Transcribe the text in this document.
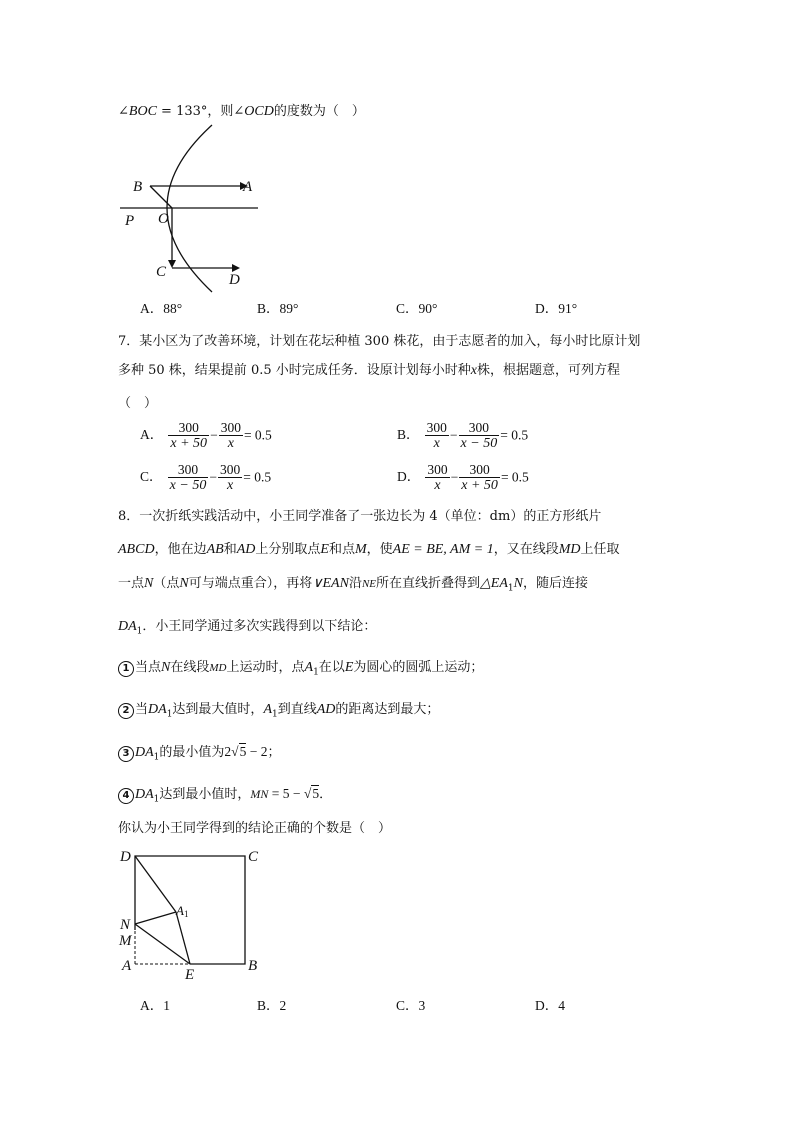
∠BOC = 133°，则∠OCD的度数为（　）
B	A
P O
C	D
A．88°	B．89°	C．90°	D．91°
7．某小区为了改善环境，计划在花坛种植 300 株花，由于志愿者的加入，每小时比原计划
多种 50 株，结果提前 0.5 小时完成任务．设原计划每小时种x株，根据题意，可列方程
（　）
A． $\frac{300}{x + 50} - \frac{300}{x} = 0.5$	B． $\frac{300}{x} - \frac{300}{x - 50} = 0.5$
C． $\frac{300}{x - 50} - \frac{300}{x} = 0.5$	D． $\frac{300}{x} - \frac{300}{x + 50} = 0.5$
8．一次折纸实践活动中，小王同学准备了一张边长为 4（单位：dm）的正方形纸片
ABCD，他在边AB和AD上分别取点E和点M，使AE = BE, AM = 1，又在线段MD上任取
一点N（点N可与端点重合），再将∨EAN沿NE所在直线折叠得到$\triangle EA_1N$，随后连接
$DA_1$．小王同学通过多次实践得到以下结论：
1 当点N在线段MD上运动时，点$A_1$在以E为圆心的圆弧上运动；
2 当$DA_1$达到最大值时，$A_1$到直线AD的距离达到最大；
3 $DA_1$的最小值为2√5 − 2；
4 $DA_1$达到最小值时，MN = 5 − √5．
你认为小王同学得到的结论正确的个数是（　）
D	C
A1
N
M
A
E
B
A．1	B．2	C．3	D．4
